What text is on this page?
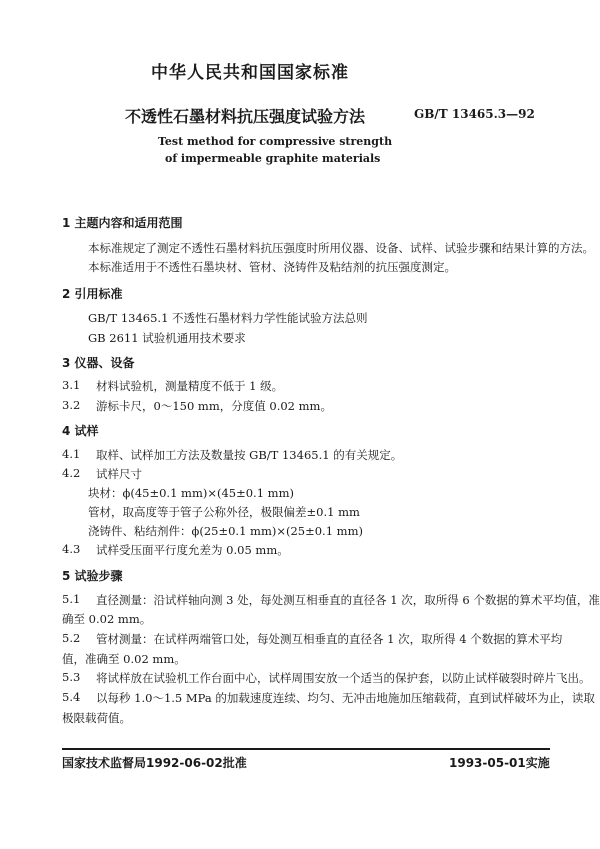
中华人民共和国国家标准
不透性石墨材料抗压强度试验方法	GB/T 13465.3—92
Test method for compressive strength
of impermeable graphite materials
1 主题内容和适用范围
本标准规定了测定不透性石墨材料抗压强度时所用仪器、设备、试样、试验步骤和结果计算的方法。
本标准适用于不透性石墨块材、管材、浇铸件及粘结剂的抗压强度测定。
2 引用标准
GB/T 13465.1 不透性石墨材料力学性能试验方法总则
GB 2611 试验机通用技术要求
3 仪器、设备
3.1 材料试验机，测量精度不低于 1 级。
3.2 游标卡尺，0～150 mm，分度值 0.02 mm。
4 试样
4.1 取样、试样加工方法及数量按 GB/T 13465.1 的有关规定。
4.2 试样尺寸
块材：ϕ(45±0.1 mm)×(45±0.1 mm)
管材，取高度等于管子公称外径，极限偏差±0.1 mm
浇铸件、粘结剂件：ϕ(25±0.1 mm)×(25±0.1 mm)
4.3 试样受压面平行度允差为 0.05 mm。
5 试验步骤
5.1 直径测量：沿试样轴向测 3 处，每处测互相垂直的直径各 1 次，取所得 6 个数据的算术平均值，准
确至 0.02 mm。
5.2 管材测量：在试样两端管口处，每处测互相垂直的直径各 1 次，取所得 4 个数据的算术平均
值，准确至 0.02 mm。
5.3 将试样放在试验机工作台面中心，试样周围安放一个适当的保护套，以防止试样破裂时碎片飞出。
5.4 以每秒 1.0～1.5 MPa 的加载速度连续、均匀、无冲击地施加压缩载荷，直到试样破坏为止，读取
极限载荷值。
国家技术监督局1992-06-02批准	1993-05-01实施
